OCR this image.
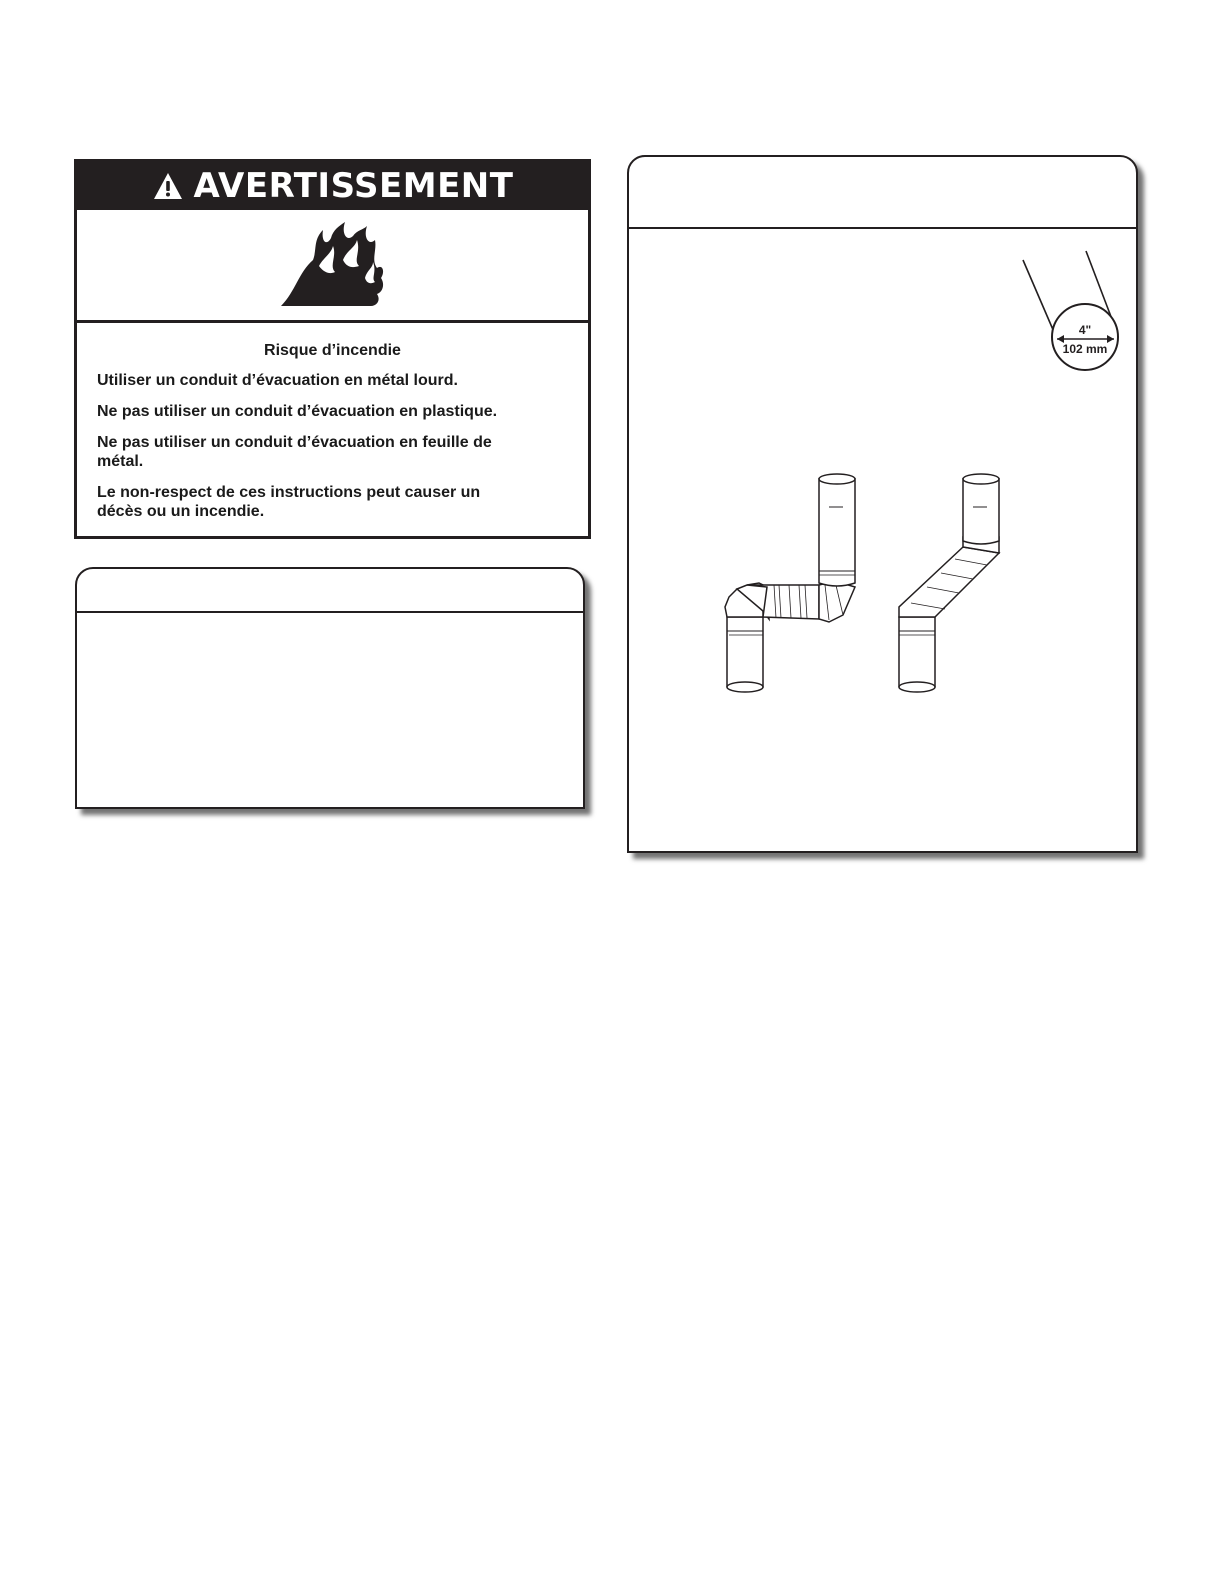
AVERTISSEMENT

Risque d’incendie

Utiliser un conduit d’évacuation en métal lourd.

Ne pas utiliser un conduit d’évacuation en plastique.

Ne pas utiliser un conduit d’évacuation en feuille de métal.

Le non-respect de ces instructions peut causer un décès ou un incendie.

4"
102 mm
